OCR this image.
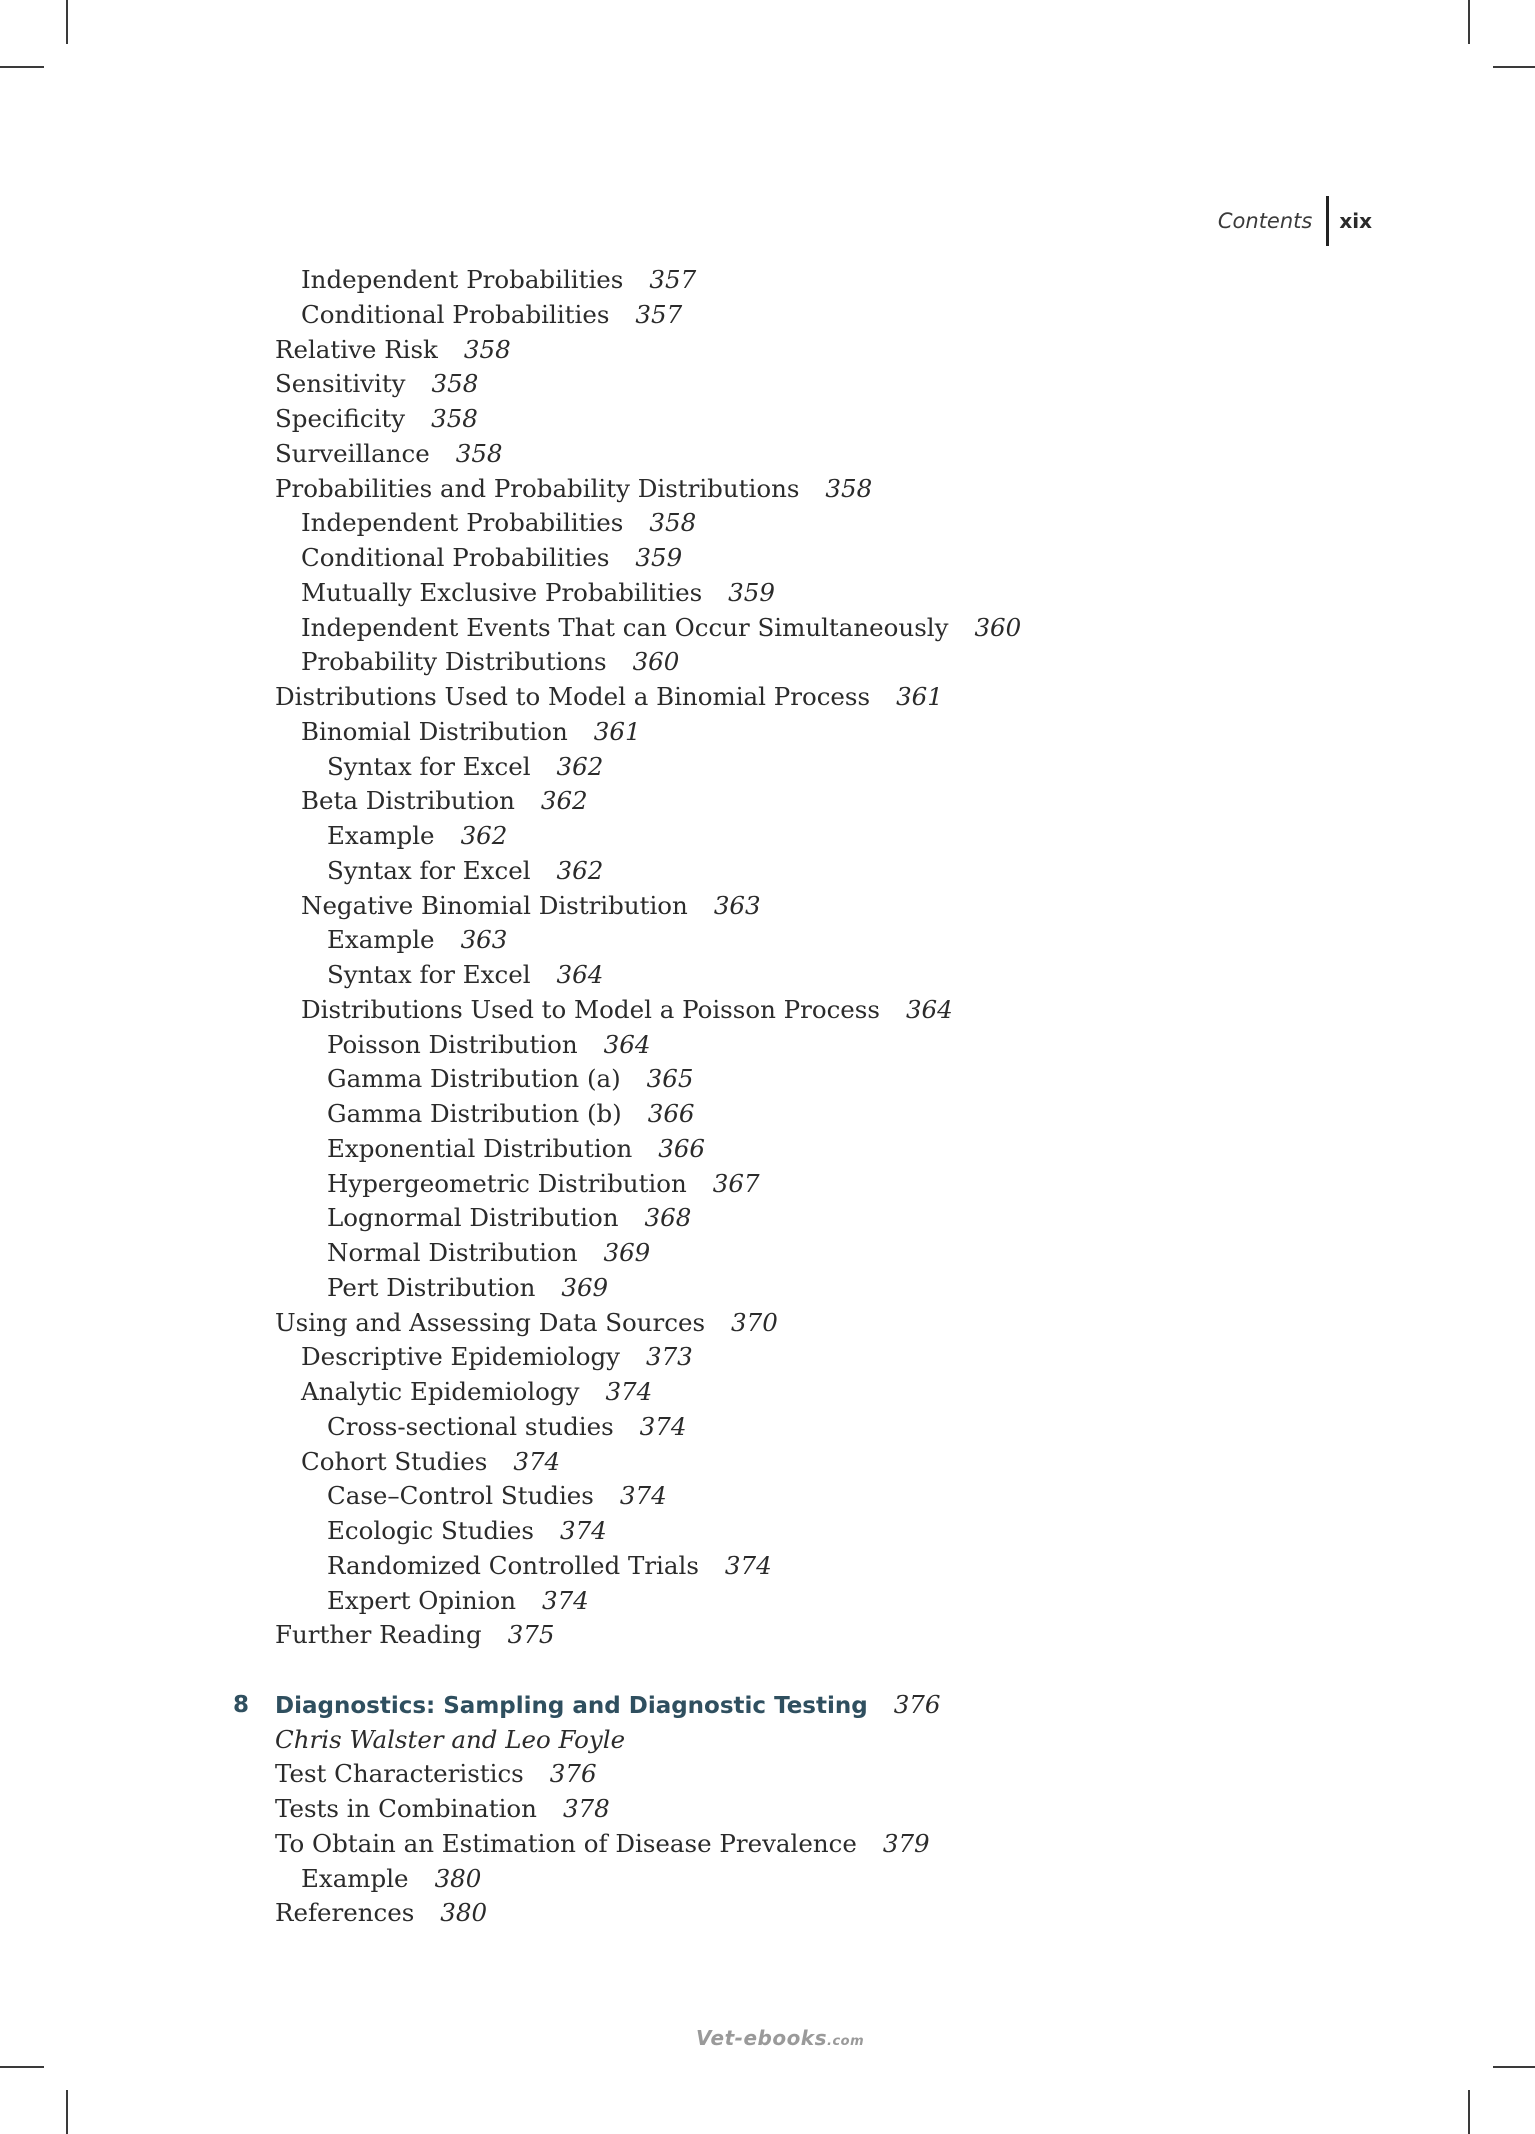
Contents	xix
Independent Probabilities 357
Conditional Probabilities 357
Relative Risk 358
Sensitivity 358
Specificity 358
Surveillance 358
Probabilities and Probability Distributions 358
Independent Probabilities 358
Conditional Probabilities 359
Mutually Exclusive Probabilities 359
Independent Events That can Occur Simultaneously 360
Probability Distributions 360
Distributions Used to Model a Binomial Process 361
Binomial Distribution 361
Syntax for Excel 362
Beta Distribution 362
Example 362
Syntax for Excel 362
Negative Binomial Distribution 363
Example 363
Syntax for Excel 364
Distributions Used to Model a Poisson Process 364
Poisson Distribution 364
Gamma Distribution (a) 365
Gamma Distribution (b) 366
Exponential Distribution 366
Hypergeometric Distribution 367
Lognormal Distribution 368
Normal Distribution 369
Pert Distribution 369
Using and Assessing Data Sources 370
Descriptive Epidemiology 373
Analytic Epidemiology 374
Cross-sectional studies 374
Cohort Studies 374
Case–Control Studies 374
Ecologic Studies 374
Randomized Controlled Trials 374
Expert Opinion 374
Further Reading 375
8 Diagnostics: Sampling and Diagnostic Testing 376
Chris Walster and Leo Foyle
Test Characteristics 376
Tests in Combination 378
To Obtain an Estimation of Disease Prevalence 379
Example 380
References 380
Vet-ebooks.com
